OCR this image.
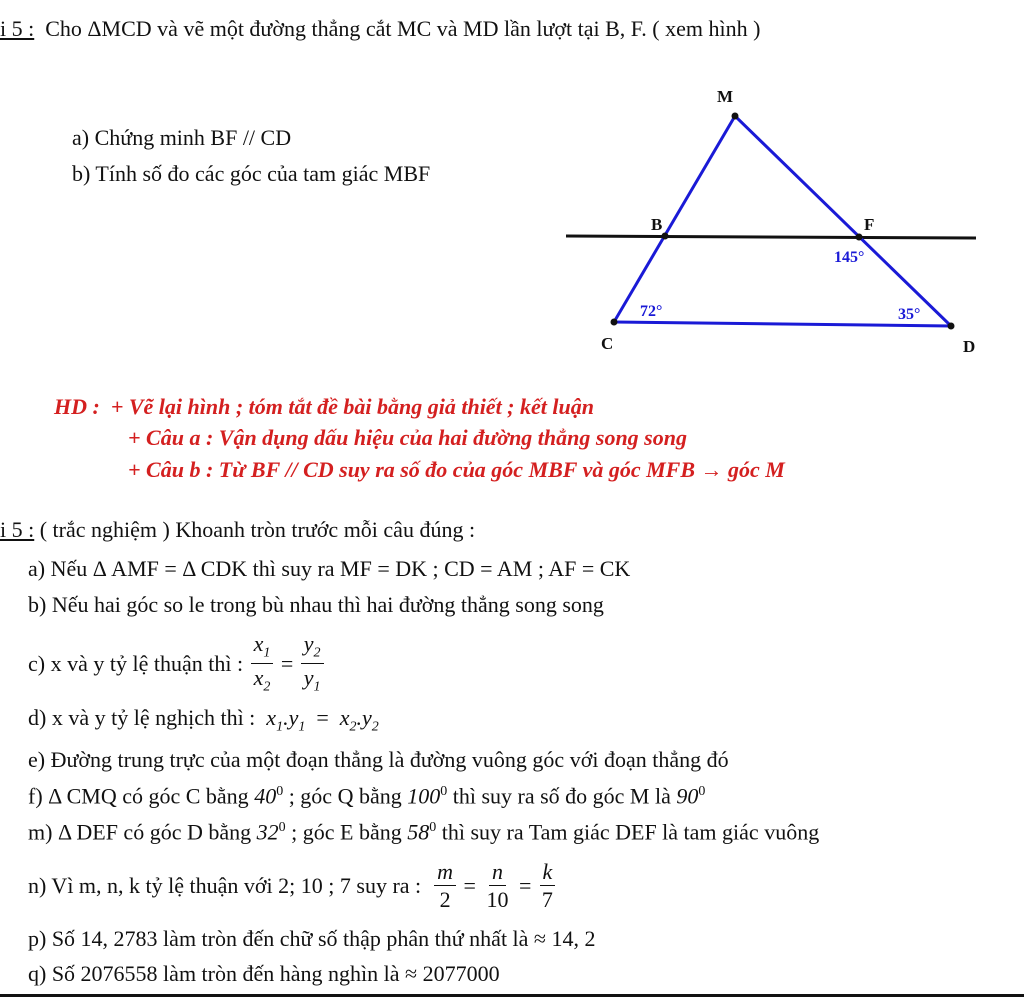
i 5 : Cho ΔMCD và vẽ một đường thẳng cắt MC và MD lần lượt tại B, F. ( xem hình )
a) Chứng minh BF // CD
b) Tính số đo các góc của tam giác MBF
M
B	F
C	D
145°
72°	35°
HD : + Vẽ lại hình ; tóm tắt đề bài bằng giả thiết ; kết luận
+ Câu a : Vận dụng dấu hiệu của hai đường thẳng song song
+ Câu b : Từ BF // CD suy ra số đo của góc MBF và góc MFB → góc M
i 5 : ( trắc nghiệm ) Khoanh tròn trước mỗi câu đúng :
a) Nếu Δ AMF = Δ CDK thì suy ra MF = DK ; CD = AM ; AF = CK
b) Nếu hai góc so le trong bù nhau thì hai đường thẳng song song
c) x và y tỷ lệ thuận thì :
$\frac{x_1}{x_2} = \frac{y_2}{y_1}$
d) x và y tỷ lệ nghịch thì : $x_1.y_1 = x_2.y_2$
e) Đường trung trực của một đoạn thẳng là đường vuông góc với đoạn thẳng đó
f) Δ CMQ có góc C bằng $40^0$ ; góc Q bằng $100^0$ thì suy ra số đo góc M là $90^0$
m) Δ DEF có góc D bằng $32^0$ ; góc E bằng $58^0$ thì suy ra Tam giác DEF là tam giác vuông
n) Vì m, n, k tỷ lệ thuận với 2; 10 ; 7 suy ra :
$\frac{m}{2} = \frac{n}{10} = \frac{k}{7}$
p) Số 14, 2783 làm tròn đến chữ số thập phân thứ nhất là ≈ 14, 2
q) Số 2076558 làm tròn đến hàng nghìn là ≈ 2077000
